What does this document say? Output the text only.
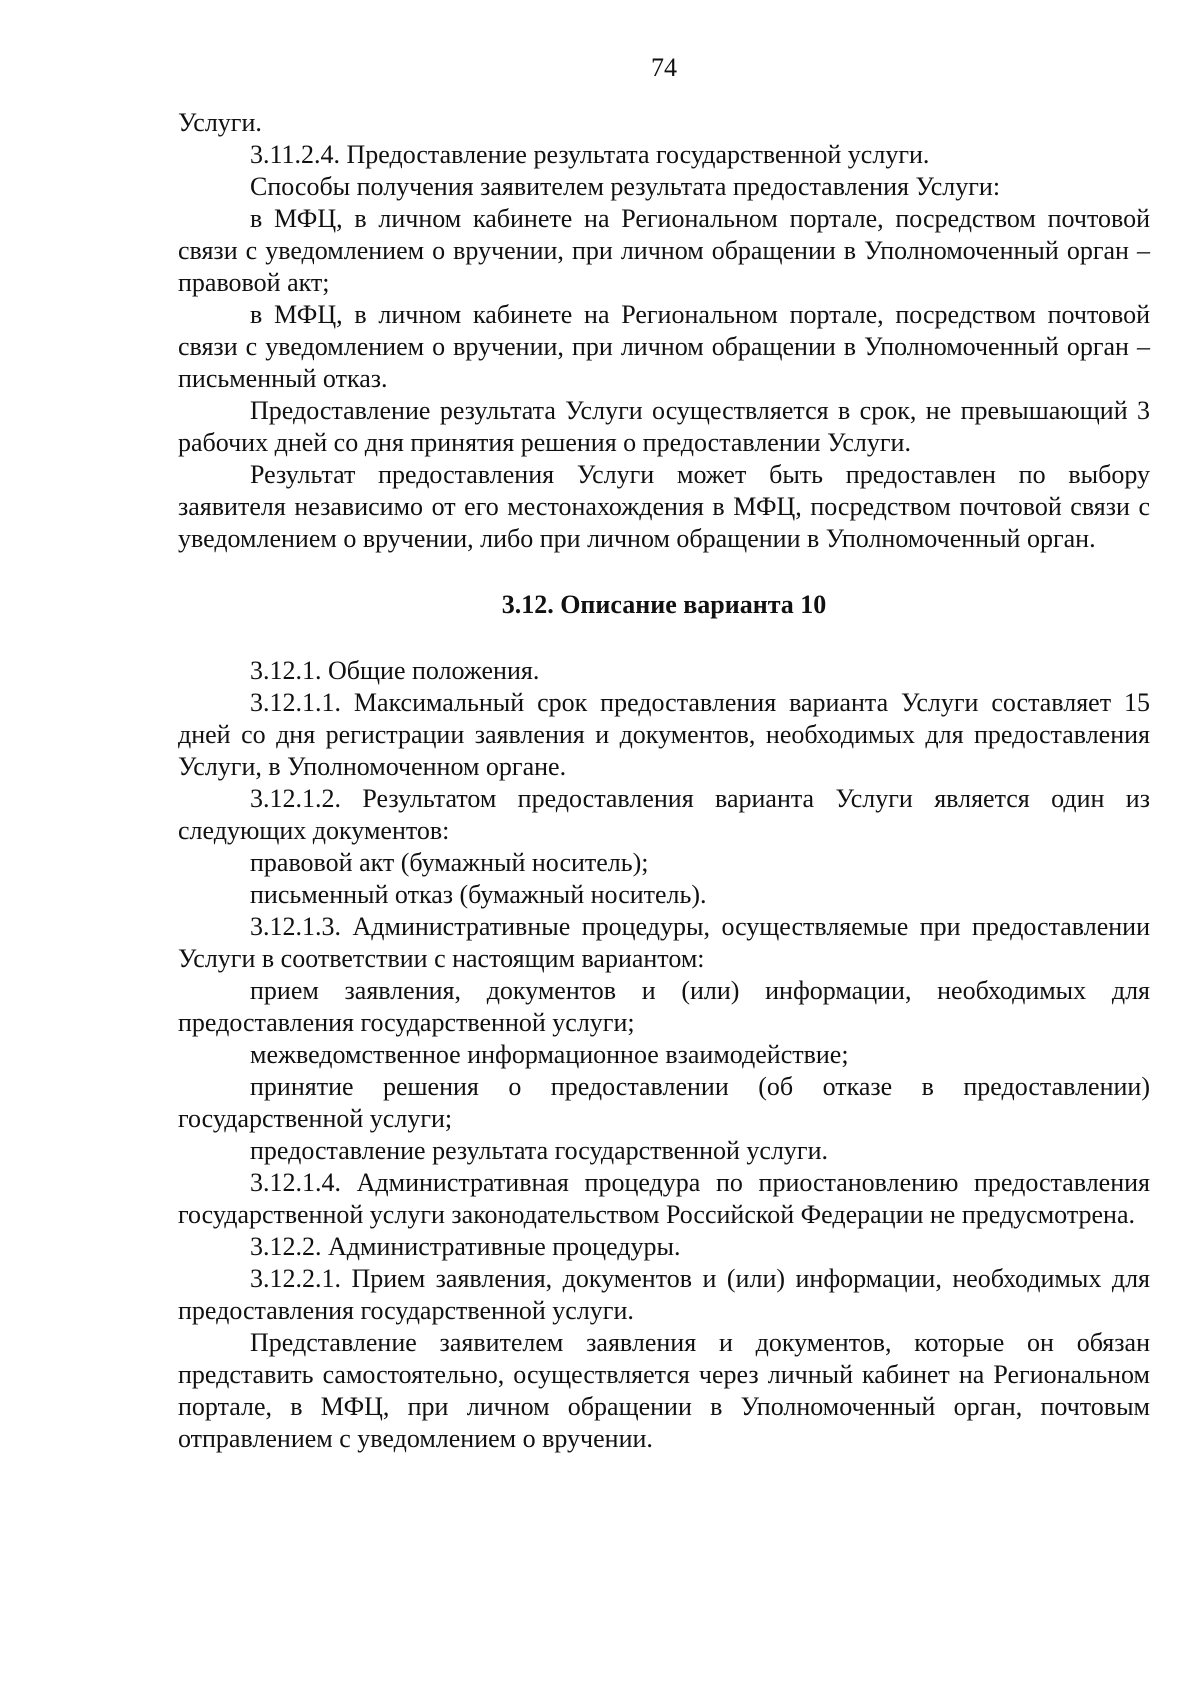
74

Услуги.

3.11.2.4. Предоставление результата государственной услуги.

Способы получения заявителем результата предоставления Услуги:

в МФЦ, в личном кабинете на Региональном портале, посредством почтовой связи с уведомлением о вручении, при личном обращении в Уполномоченный орган – правовой акт;

в МФЦ, в личном кабинете на Региональном портале, посредством почтовой связи с уведомлением о вручении, при личном обращении в Уполномоченный орган – письменный отказ.

Предоставление результата Услуги осуществляется в срок, не превышающий 3 рабочих дней со дня принятия решения о предоставлении Услуги.

Результат предоставления Услуги может быть предоставлен по выбору заявителя независимо от его местонахождения в МФЦ, посредством почтовой связи с уведомлением о вручении, либо при личном обращении в Уполномоченный орган.

3.12. Описание варианта 10

3.12.1. Общие положения.

3.12.1.1. Максимальный срок предоставления варианта Услуги составляет 15 дней со дня регистрации заявления и документов, необходимых для предоставления Услуги, в Уполномоченном органе.

3.12.1.2. Результатом предоставления варианта Услуги является один из следующих документов:

правовой акт (бумажный носитель);

письменный отказ (бумажный носитель).

3.12.1.3. Административные процедуры, осуществляемые при предоставлении Услуги в соответствии с настоящим вариантом:

прием заявления, документов и (или) информации, необходимых для предоставления государственной услуги;

межведомственное информационное взаимодействие;

принятие решения о предоставлении (об отказе в предоставлении) государственной услуги;

предоставление результата государственной услуги.

3.12.1.4. Административная процедура по приостановлению предоставления государственной услуги законодательством Российской Федерации не предусмотрена.

3.12.2. Административные процедуры.

3.12.2.1. Прием заявления, документов и (или) информации, необходимых для предоставления государственной услуги.

Представление заявителем заявления и документов, которые он обязан представить самостоятельно, осуществляется через личный кабинет на Региональном портале, в МФЦ, при личном обращении в Уполномоченный орган, почтовым отправлением с уведомлением о вручении.
